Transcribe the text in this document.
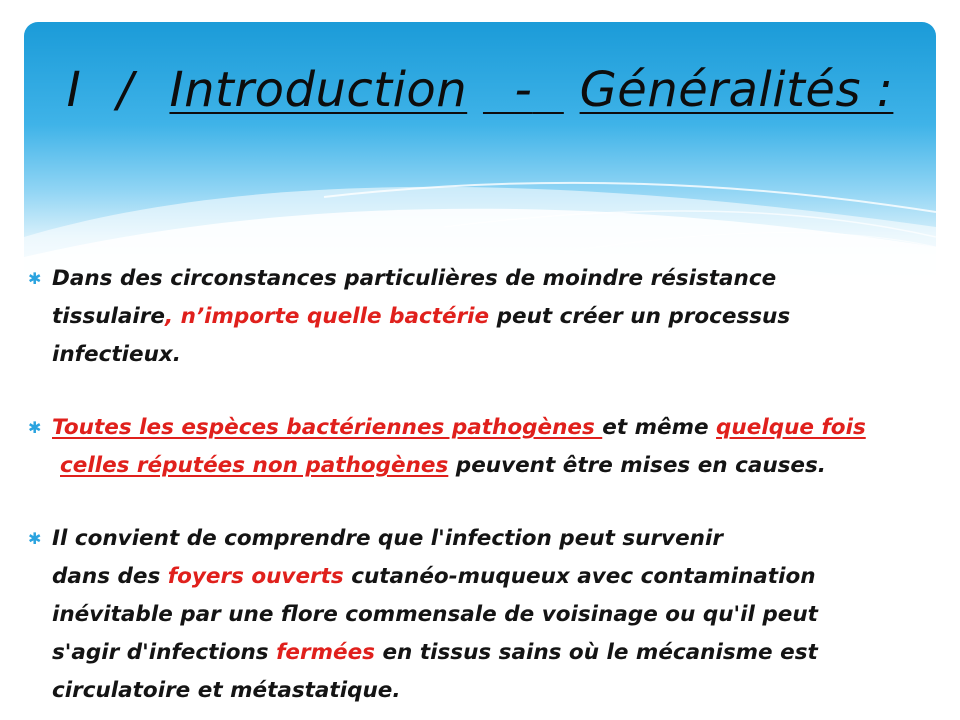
I / Introduction - Généralités :
✱ Dans des circonstances particulières de moindre résistance
tissulaire, n’importe quelle bactérie peut créer un processus
infectieux.
✱ Toutes les espèces bactériennes pathogènes et même quelque fois
celles réputées non pathogènes peuvent être mises en causes.
✱ Il convient de comprendre que l'infection peut survenir
dans des foyers ouverts cutanéo-muqueux avec contamination
inévitable par une flore commensale de voisinage ou qu'il peut
s'agir d'infections fermées en tissus sains où le mécanisme est
circulatoire et métastatique.
